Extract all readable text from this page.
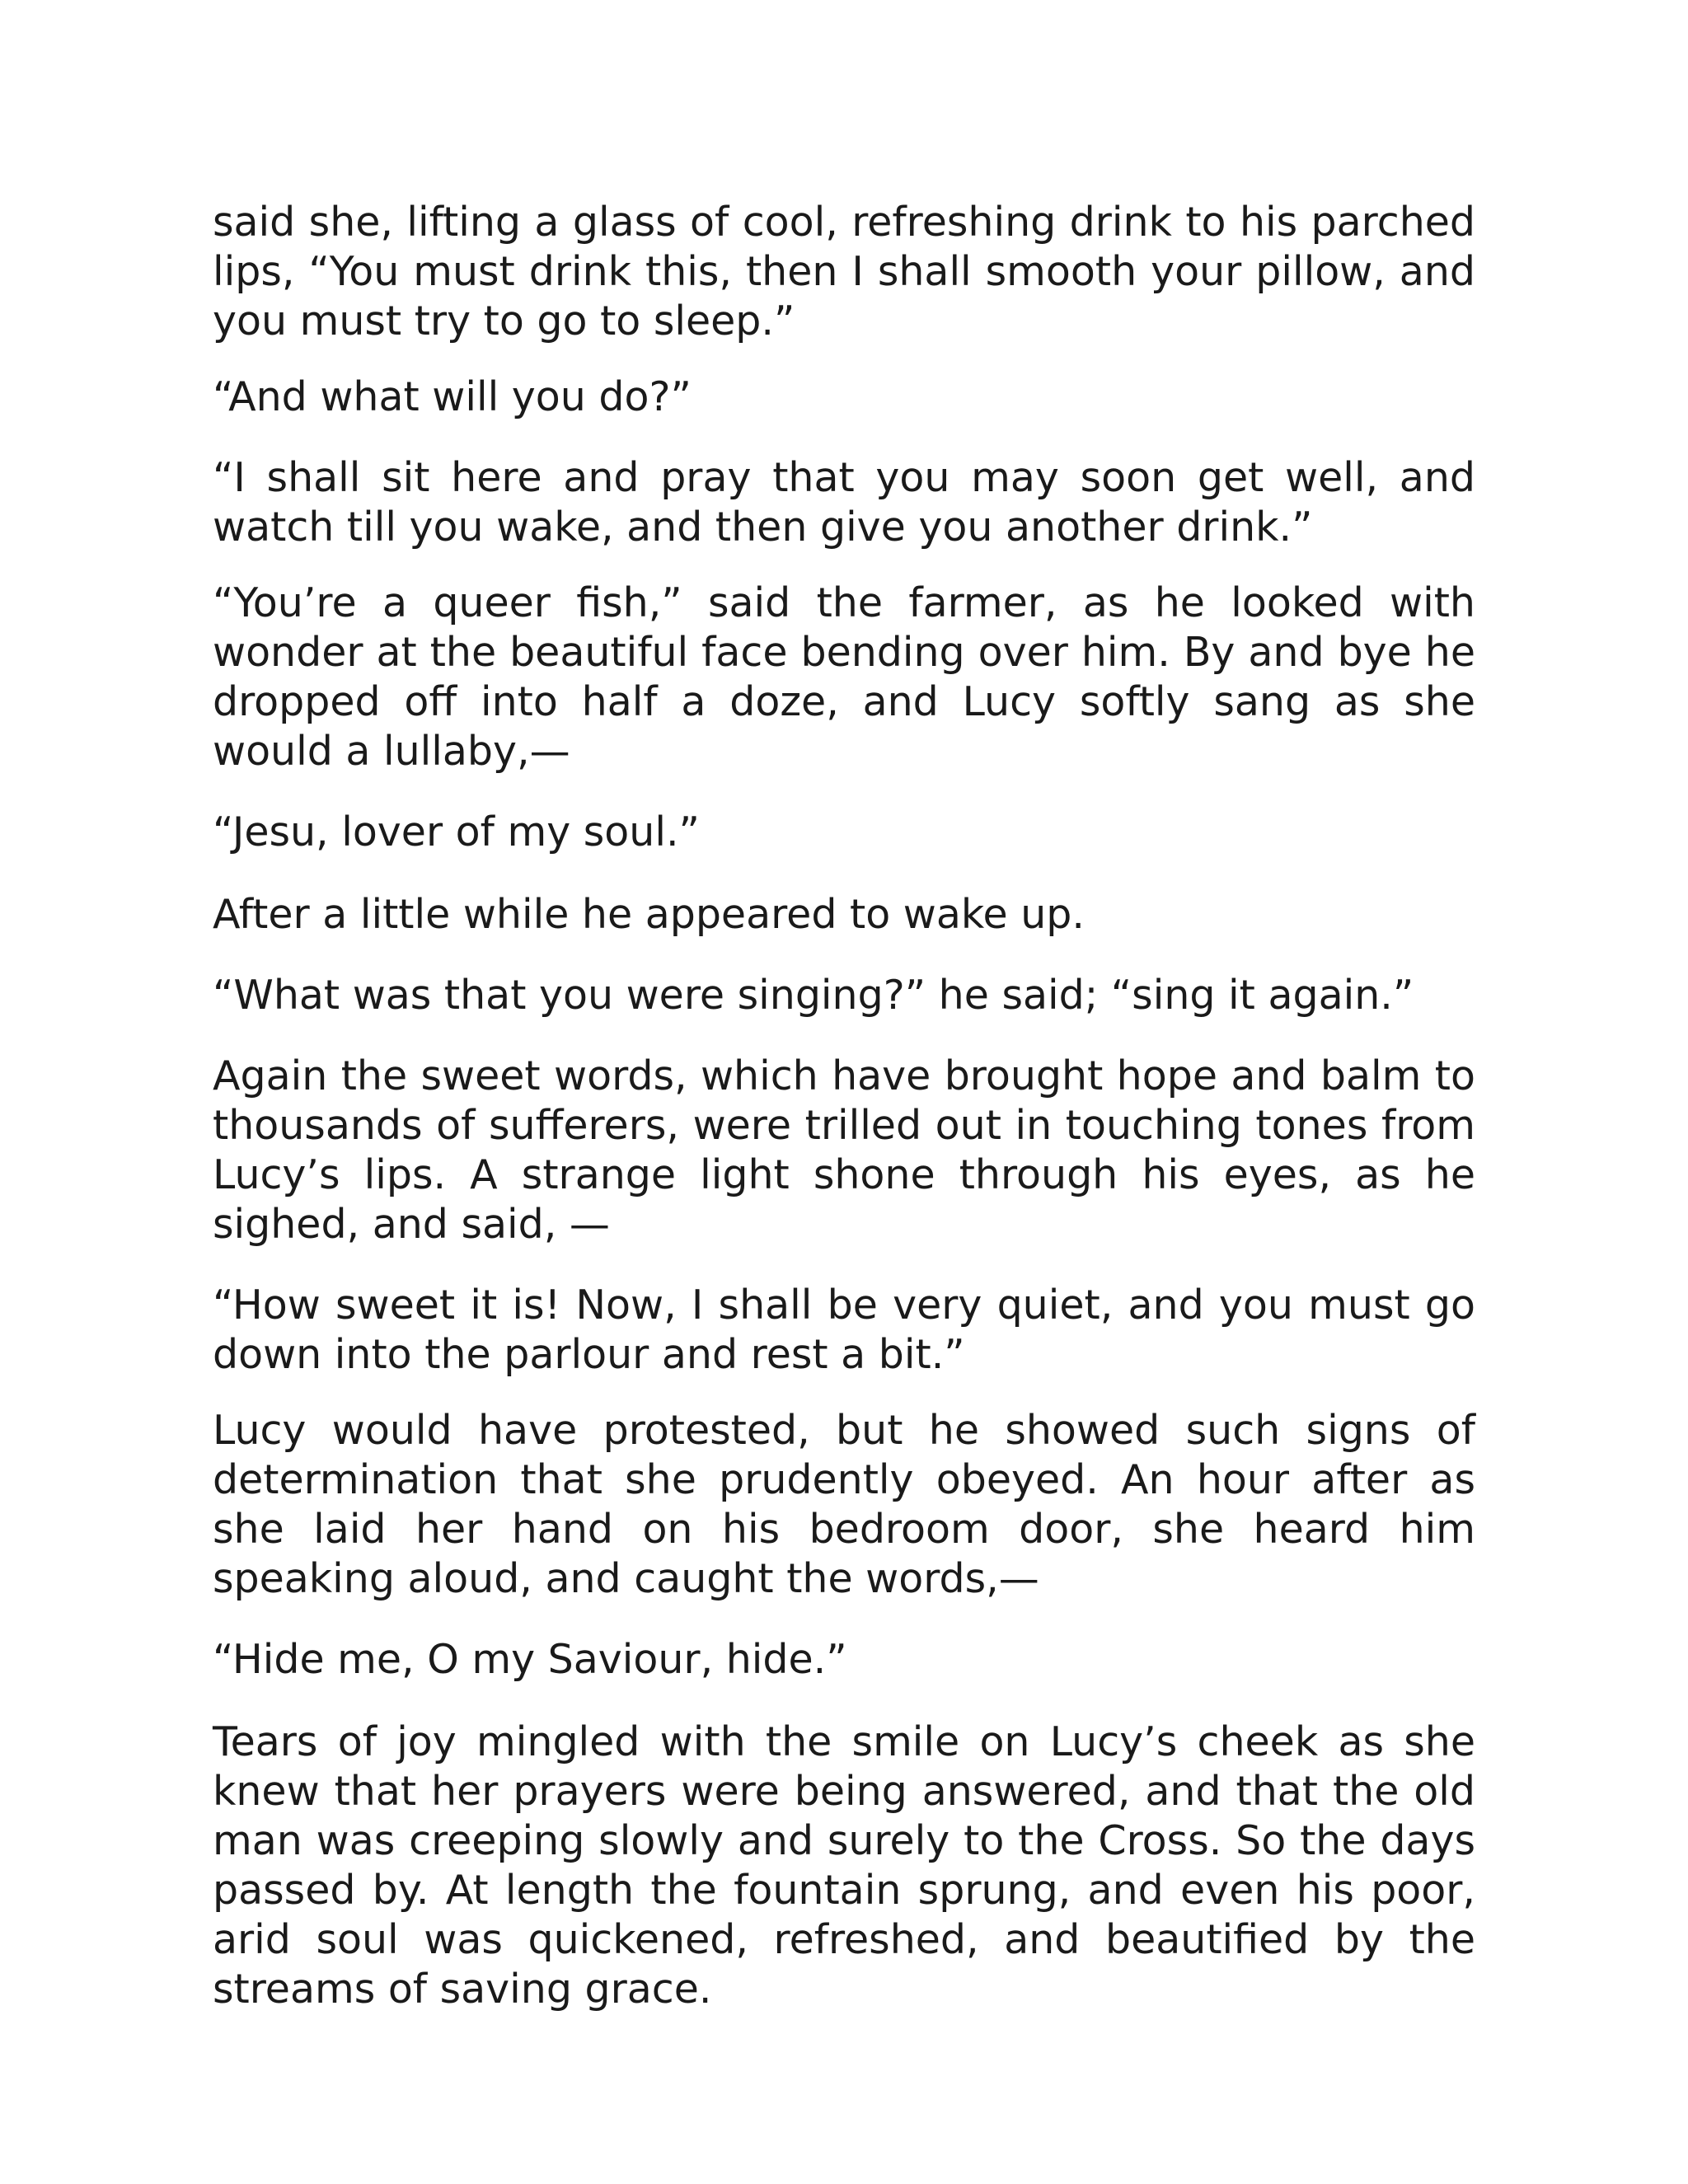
said she, lifting a glass of cool, refreshing drink to his parched lips, “You must drink this, then I shall smooth your pillow, and you must try to go to sleep.”

“And what will you do?”

“I shall sit here and pray that you may soon get well, and watch till you wake, and then give you another drink.”

“You’re a queer fish,” said the farmer, as he looked with wonder at the beautiful face bending over him. By and bye he dropped off into half a doze, and Lucy softly sang as she would a lullaby,—

“Jesu, lover of my soul.”

After a little while he appeared to wake up.

“What was that you were singing?” he said; “sing it again.”

Again the sweet words, which have brought hope and balm to thousands of sufferers, were trilled out in touching tones from Lucy’s lips. A strange light shone through his eyes, as he sighed, and said, —

“How sweet it is! Now, I shall be very quiet, and you must go down into the parlour and rest a bit.”

Lucy would have protested, but he showed such signs of determination that she prudently obeyed. An hour after as she laid her hand on his bedroom door, she heard him speaking aloud, and caught the words,—

“Hide me, O my Saviour, hide.”

Tears of joy mingled with the smile on Lucy’s cheek as she knew that her prayers were being answered, and that the old man was creeping slowly and surely to the Cross. So the days passed by. At length the fountain sprung, and even his poor, arid soul was quickened, refreshed, and beautified by the streams of saving grace.
